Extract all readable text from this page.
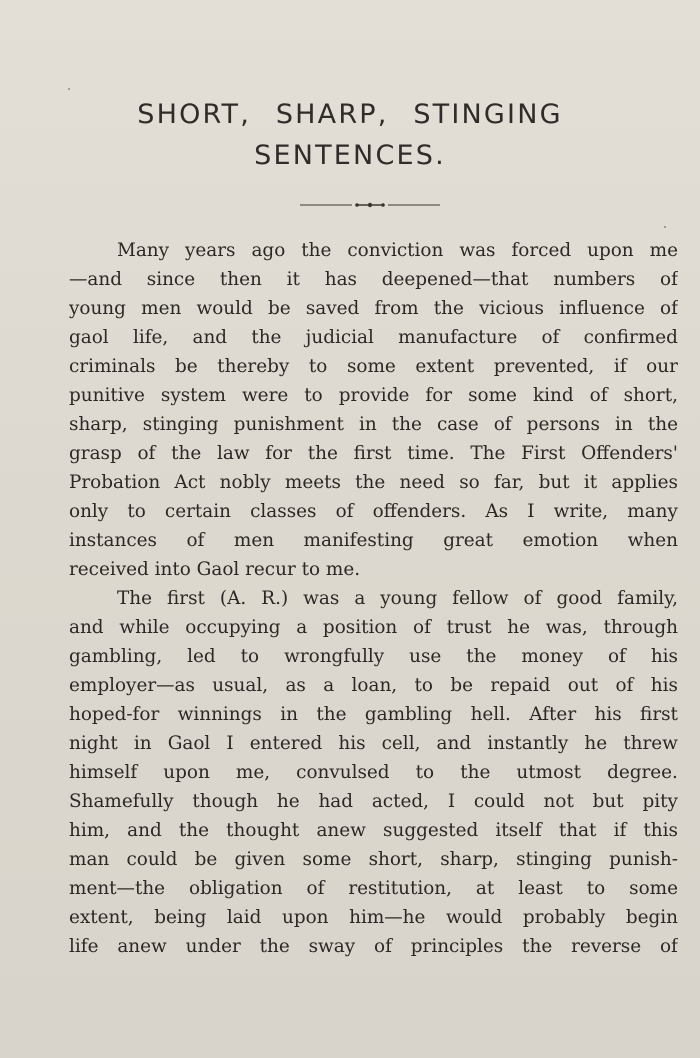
SHORT, SHARP, STINGING
SENTENCES.
Many years ago the conviction was forced upon me
—and since then it has deepened—that numbers of
young men would be saved from the vicious influence of
gaol life, and the judicial manufacture of confirmed
criminals be thereby to some extent prevented, if our
punitive system were to provide for some kind of short,
sharp, stinging punishment in the case of persons in the
grasp of the law for the first time. The First Offenders'
Probation Act nobly meets the need so far, but it applies
only to certain classes of offenders. As I write, many
instances of men manifesting great emotion when
received into Gaol recur to me.
The first (A. R.) was a young fellow of good family,
and while occupying a position of trust he was, through
gambling, led to wrongfully use the money of his
employer—as usual, as a loan, to be repaid out of his
hoped-for winnings in the gambling hell. After his first
night in Gaol I entered his cell, and instantly he threw
himself upon me, convulsed to the utmost degree.
Shamefully though he had acted, I could not but pity
him, and the thought anew suggested itself that if this
man could be given some short, sharp, stinging punish-
ment—the obligation of restitution, at least to some
extent, being laid upon him—he would probably begin
life anew under the sway of principles the reverse of
